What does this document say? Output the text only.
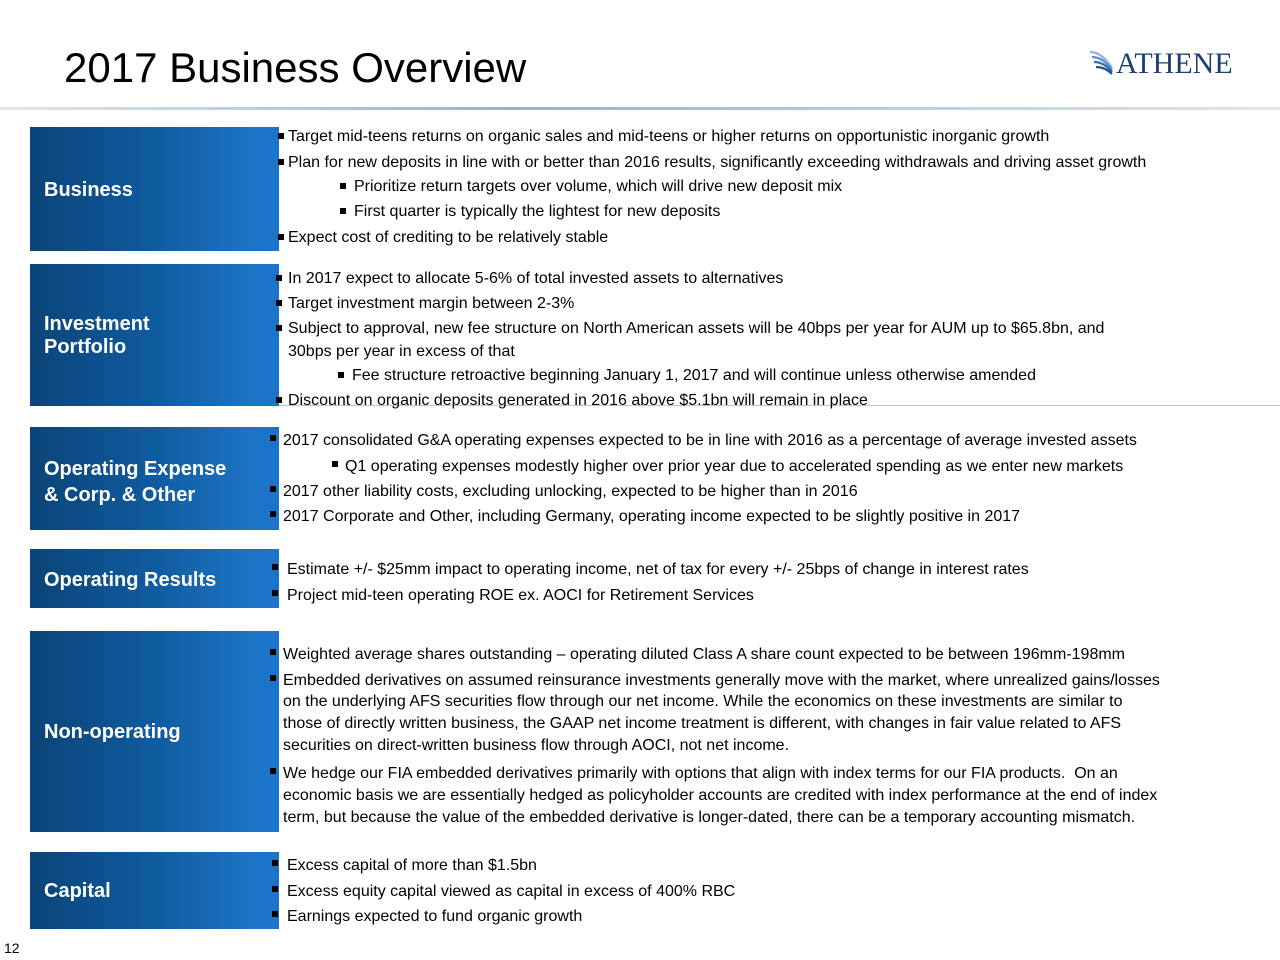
2017 Business Overview	ATHENE
Business
Target mid-teens returns on organic sales and mid-teens or higher returns on opportunistic inorganic growth
Plan for new deposits in line with or better than 2016 results, significantly exceeding withdrawals and driving asset growth
Prioritize return targets over volume, which will drive new deposit mix
First quarter is typically the lightest for new deposits
Expect cost of crediting to be relatively stable
Investment
Portfolio
In 2017 expect to allocate 5-6% of total invested assets to alternatives
Target investment margin between 2-3%
Subject to approval, new fee structure on North American assets will be 40bps per year for AUM up to $65.8bn, and
30bps per year in excess of that
Fee structure retroactive beginning January 1, 2017 and will continue unless otherwise amended
Discount on organic deposits generated in 2016 above $5.1bn will remain in place
Operating Expense
& Corp. & Other
2017 consolidated G&A operating expenses expected to be in line with 2016 as a percentage of average invested assets
Q1 operating expenses modestly higher over prior year due to accelerated spending as we enter new markets
2017 other liability costs, excluding unlocking, expected to be higher than in 2016
2017 Corporate and Other, including Germany, operating income expected to be slightly positive in 2017
Operating Results	Estimate +/- $25mm impact to operating income, net of tax for every +/- 25bps of change in interest rates
Project mid-teen operating ROE ex. AOCI for Retirement Services
Non-operating
Weighted average shares outstanding – operating diluted Class A share count expected to be between 196mm-198mm
Embedded derivatives on assumed reinsurance investments generally move with the market, where unrealized gains/losses
on the underlying AFS securities flow through our net income. While the economics on these investments are similar to
those of directly written business, the GAAP net income treatment is different, with changes in fair value related to AFS
securities on direct-written business flow through AOCI, not net income.
We hedge our FIA embedded derivatives primarily with options that align with index terms for our FIA products.  On an
economic basis we are essentially hedged as policyholder accounts are credited with index performance at the end of index
term, but because the value of the embedded derivative is longer-dated, there can be a temporary accounting mismatch.
Capital
Excess capital of more than $1.5bn
Excess equity capital viewed as capital in excess of 400% RBC
Earnings expected to fund organic growth
12
